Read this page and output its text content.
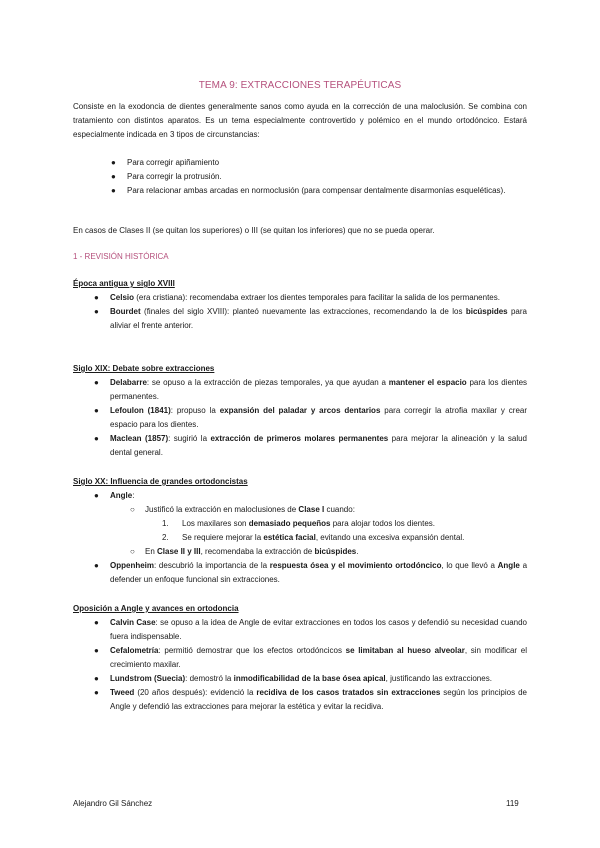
TEMA 9: EXTRACCIONES TERAPÉUTICAS
Consiste en la exodoncia de dientes generalmente sanos como ayuda en la corrección de una maloclusión. Se combina con tratamiento con distintos aparatos. Es un tema especialmente controvertido y polémico en el mundo ortodóncico. Estará especialmente indicada en 3 tipos de circunstancias:
● Para corregir apiñamiento
● Para corregir la protrusión.
● Para relacionar ambas arcadas en normoclusión (para compensar dentalmente disarmonías esqueléticas).
En casos de Clases II (se quitan los superiores) o III (se quitan los inferiores) que no se pueda operar.
1 - REVISIÓN HISTÓRICA
Época antigua y siglo XVIII
● Celsio (era cristiana): recomendaba extraer los dientes temporales para facilitar la salida de los permanentes.
● Bourdet (finales del siglo XVIII): planteó nuevamente las extracciones, recomendando la de los bicúspides para aliviar el frente anterior.
Siglo XIX: Debate sobre extracciones
● Delabarre: se opuso a la extracción de piezas temporales, ya que ayudan a mantener el espacio para los dientes permanentes.
● Lefoulon (1841): propuso la expansión del paladar y arcos dentarios para corregir la atrofia maxilar y crear espacio para los dientes.
● Maclean (1857): sugirió la extracción de primeros molares permanentes para mejorar la alineación y la salud dental general.
Siglo XX: Influencia de grandes ortodoncistas
● Angle:
○ Justificó la extracción en maloclusiones de Clase I cuando:
1. Los maxilares son demasiado pequeños para alojar todos los dientes.
2. Se requiere mejorar la estética facial, evitando una excesiva expansión dental.
○ En Clase II y III, recomendaba la extracción de bicúspides.
● Oppenheim: descubrió la importancia de la respuesta ósea y el movimiento ortodóncico, lo que llevó a Angle a defender un enfoque funcional sin extracciones.
Oposición a Angle y avances en ortodoncia
● Calvin Case: se opuso a la idea de Angle de evitar extracciones en todos los casos y defendió su necesidad cuando fuera indispensable.
● Cefalometría: permitió demostrar que los efectos ortodóncicos se limitaban al hueso alveolar, sin modificar el crecimiento maxilar.
● Lundstrom (Suecia): demostró la inmodificabilidad de la base ósea apical, justificando las extracciones.
● Tweed (20 años después): evidenció la recidiva de los casos tratados sin extracciones según los principios de Angle y defendió las extracciones para mejorar la estética y evitar la recidiva.
Alejandro Gil Sánchez	119
